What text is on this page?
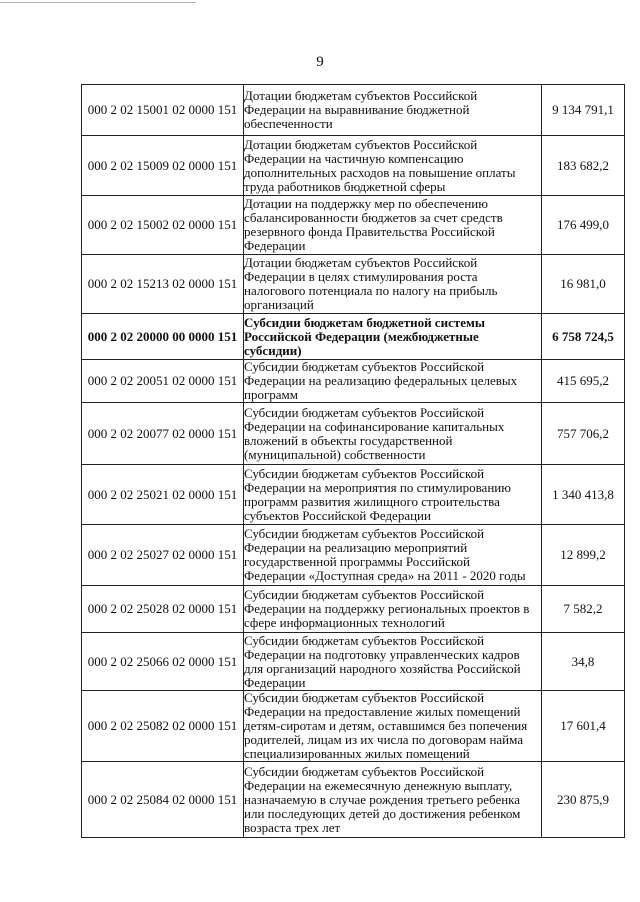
9
000 2 02 15001 02 0000 151	Дотации бюджетам субъектов Российской
Федерации на выравнивание бюджетной
обеспеченности	9 134 791,1
000 2 02 15009 02 0000 151	Дотации бюджетам субъектов Российской
Федерации на частичную компенсацию
дополнительных расходов на повышение оплаты
труда работников бюджетной сферы	183 682,2
000 2 02 15002 02 0000 151	Дотации на поддержку мер по обеспечению
сбалансированности бюджетов за счет средств
резервного фонда Правительства Российской
Федерации	176 499,0
000 2 02 15213 02 0000 151	Дотации бюджетам субъектов Российской
Федерации в целях стимулирования роста
налогового потенциала по налогу на прибыль
организаций	16 981,0
000 2 02 20000 00 0000 151	Субсидии бюджетам бюджетной системы
Российской Федерации (межбюджетные
субсидии)	6 758 724,5
000 2 02 20051 02 0000 151	Субсидии бюджетам субъектов Российской
Федерации на реализацию федеральных целевых
программ	415 695,2
000 2 02 20077 02 0000 151	Субсидии бюджетам субъектов Российской
Федерации на софинансирование капитальных
вложений в объекты государственной
(муниципальной) собственности	757 706,2
000 2 02 25021 02 0000 151	Субсидии бюджетам субъектов Российской
Федерации на мероприятия по стимулированию
программ развития жилищного строительства
субъектов Российской Федерации	1 340 413,8
000 2 02 25027 02 0000 151	Субсидии бюджетам субъектов Российской
Федерации на реализацию мероприятий
государственной программы Российской
Федерации «Доступная среда» на 2011 - 2020 годы	12 899,2
000 2 02 25028 02 0000 151	Субсидии бюджетам субъектов Российской
Федерации на поддержку региональных проектов в
сфере информационных технологий	7 582,2
000 2 02 25066 02 0000 151	Субсидии бюджетам субъектов Российской
Федерации на подготовку управленческих кадров
для организаций народного хозяйства Российской
Федерации	34,8
000 2 02 25082 02 0000 151	Субсидии бюджетам субъектов Российской
Федерации на предоставление жилых помещений
детям-сиротам и детям, оставшимся без попечения
родителей, лицам из их числа по договорам найма
специализированных жилых помещений	17 601,4
000 2 02 25084 02 0000 151	Субсидии бюджетам субъектов Российской
Федерации на ежемесячную денежную выплату,
назначаемую в случае рождения третьего ребенка
или последующих детей до достижения ребенком
возраста трех лет	230 875,9
